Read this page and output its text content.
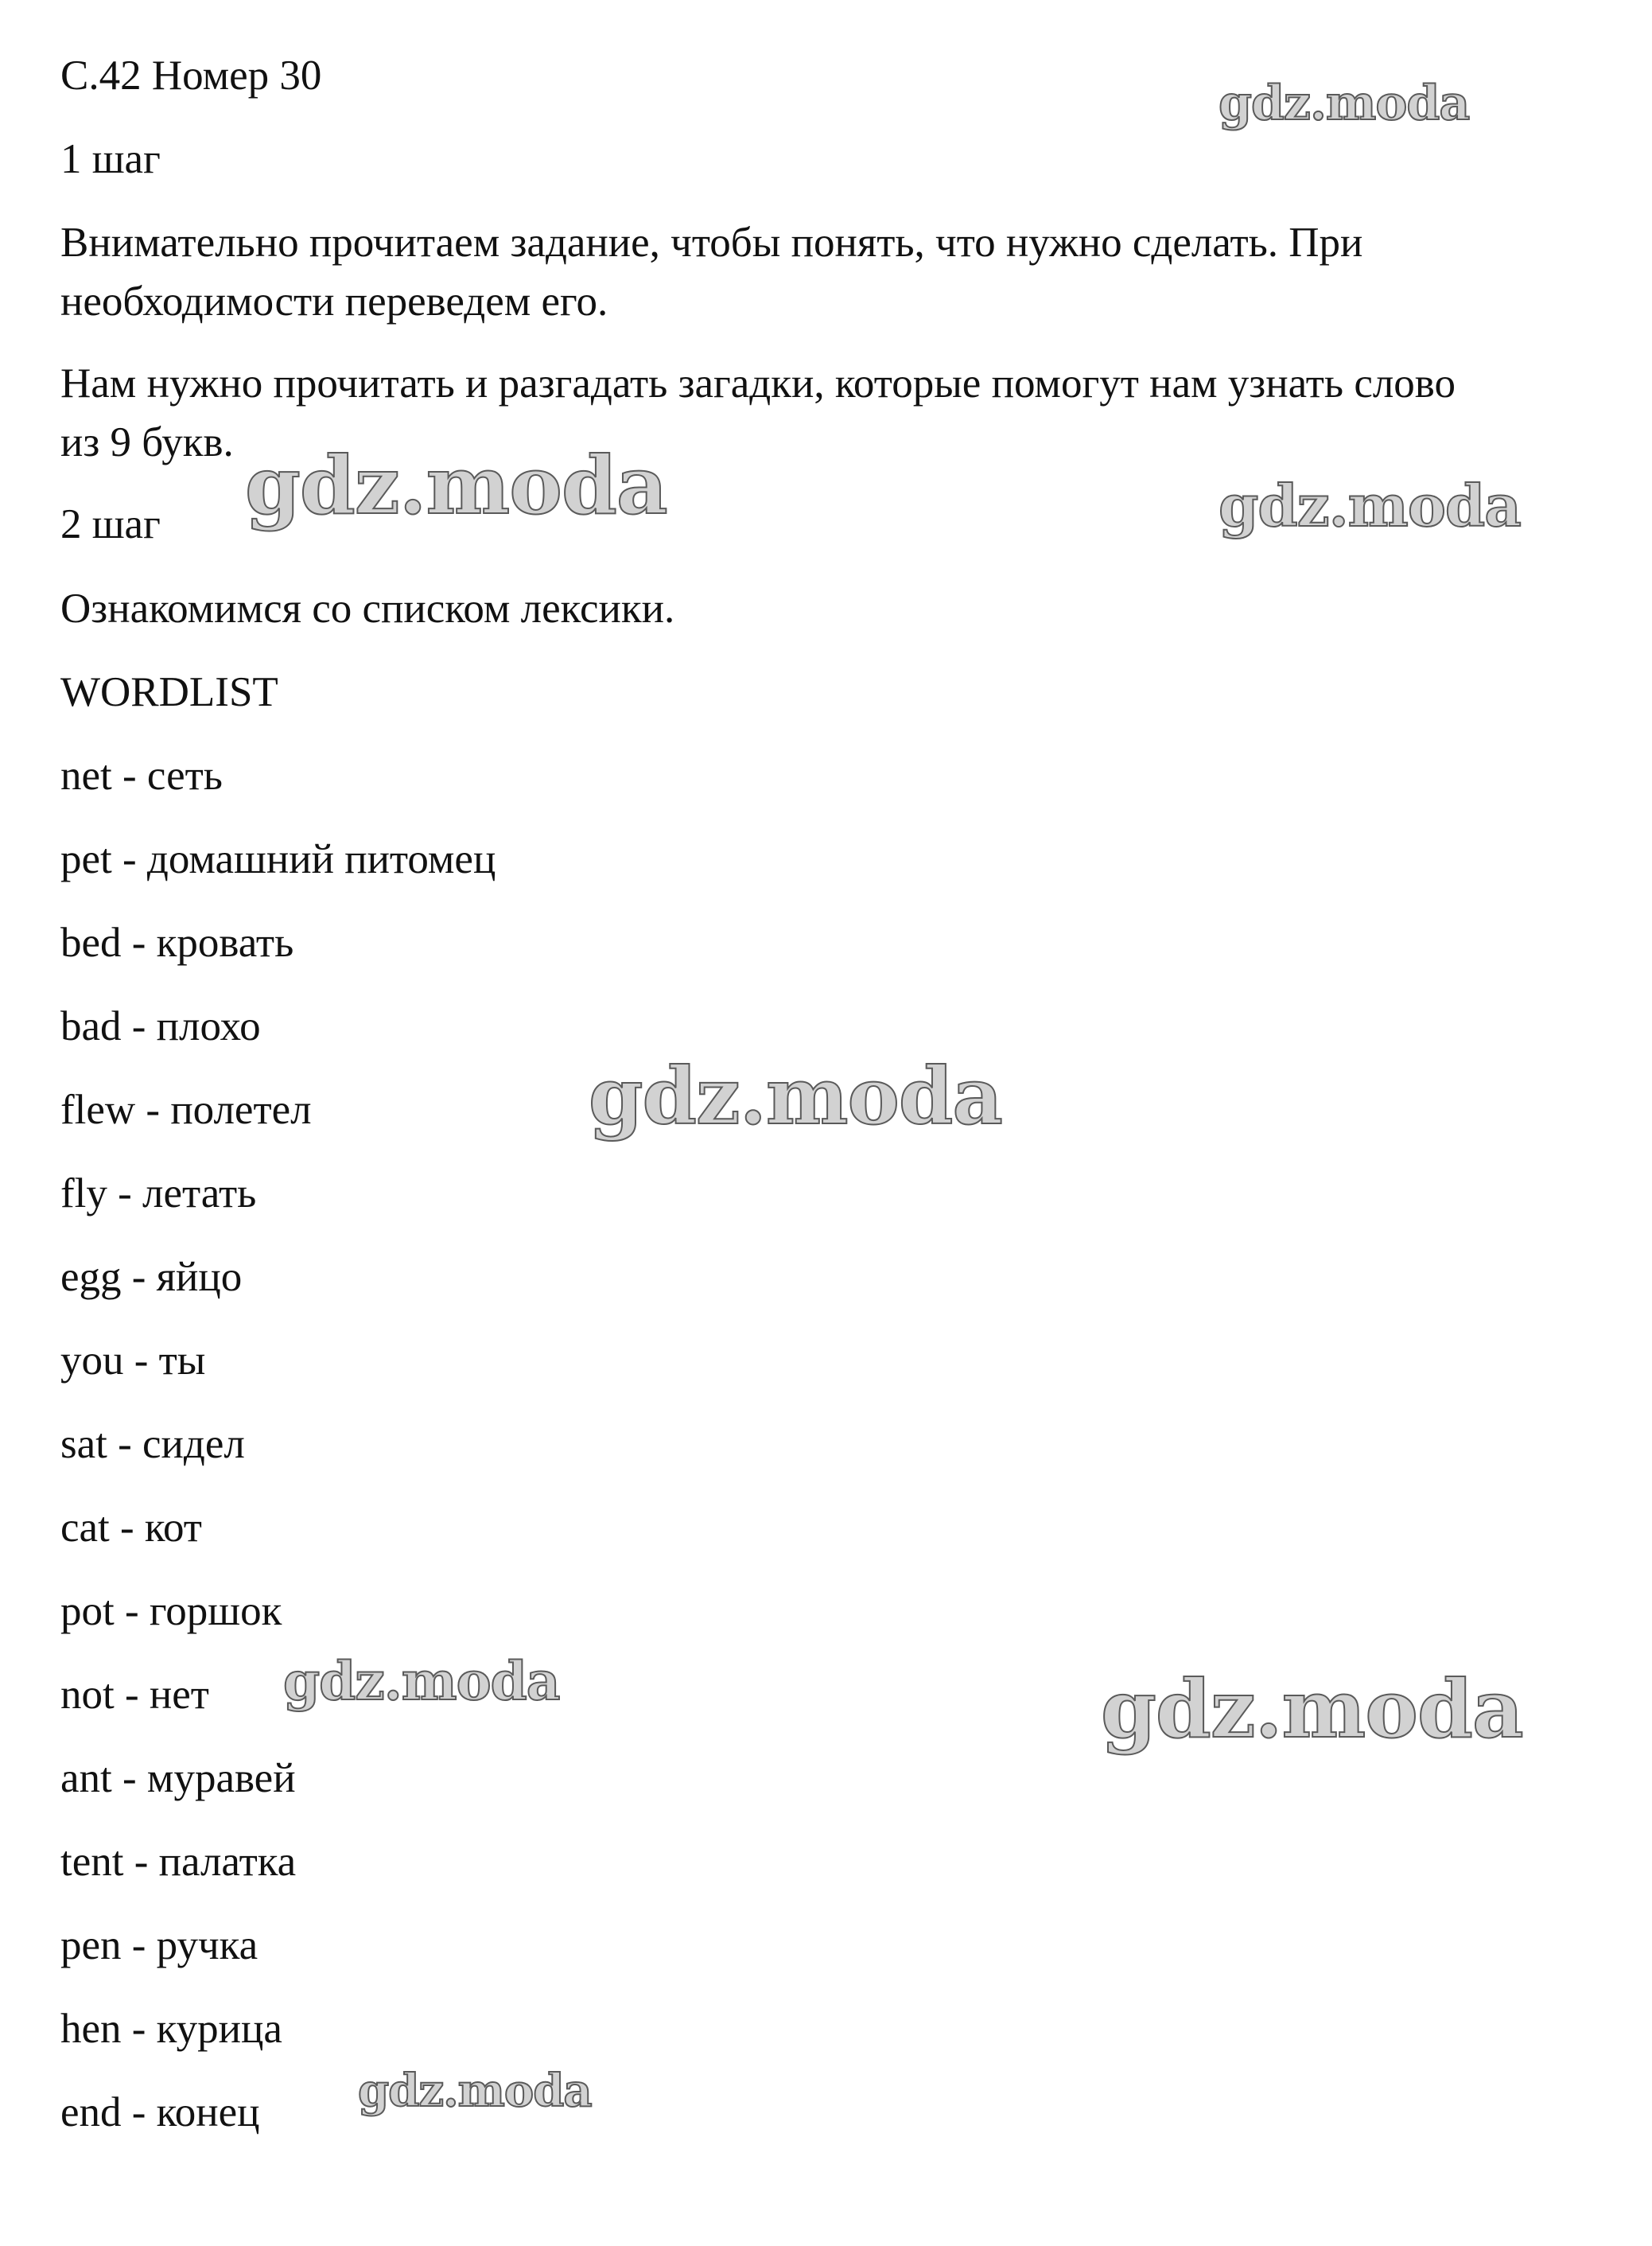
С.42 Номер 30

1 шаг

Внимательно прочитаем задание, чтобы понять, что нужно сделать. При

необходимости переведем его.

Нам нужно прочитать и разгадать загадки, которые помогут нам узнать слово

из 9 букв.

2 шаг

Ознакомимся со списком лексики.

WORDLIST

net - сеть

pet - домашний питомец

bed - кровать

bad - плохо

flew - полетел

fly - летать

egg - яйцо

you - ты

sat - сидел

cat - кот

pot - горшок

not - нет

ant - муравей

tent - палатка

pen - ручка

hen - курица

end - конец

gdz.moda
gdz.moda	gdz.moda
gdz.moda
gdz.moda	gdz.moda
gdz.moda
